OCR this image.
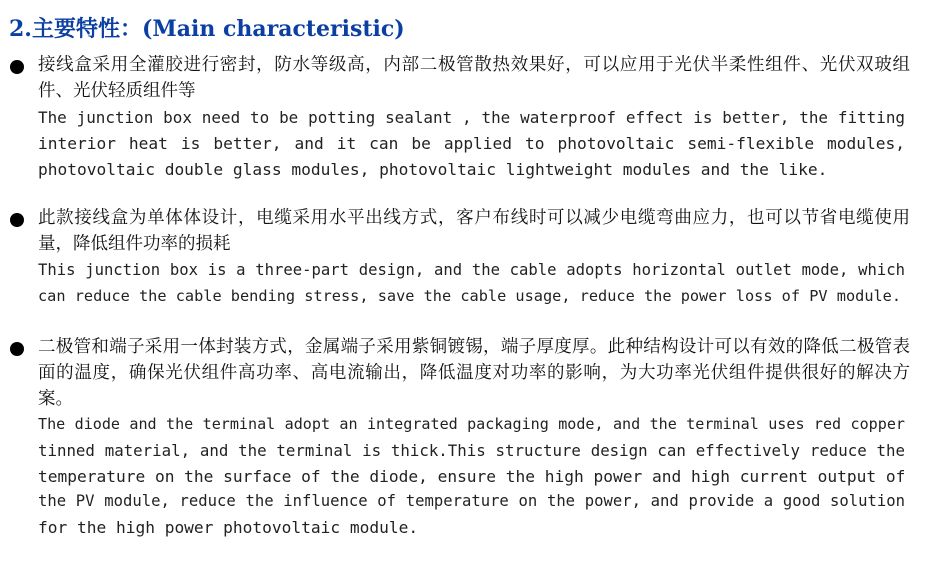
2.主要特性：(Main characteristic)
接线盒采用全灌胶进行密封，防水等级高，内部二极管散热效果好，可以应用于光伏半柔性组件、光伏双玻组件、光伏轻质组件等
The junction box need to be potting sealant , the waterproof effect is better, the fitting
interior heat is better, and it can be applied to photovoltaic semi-flexible modules,
photovoltaic double glass modules, photovoltaic lightweight modules and the like.
此款接线盒为单体体设计，电缆采用水平出线方式，客户布线时可以减少电缆弯曲应力，也可以节省电缆使用量，降低组件功率的损耗
This junction box is a three-part design, and the cable adopts horizontal outlet mode, which
can reduce the cable bending stress, save the cable usage, reduce the power loss of PV module.
二极管和端子采用一体封装方式，金属端子采用紫铜镀锡，端子厚度厚。此种结构设计可以有效的降低二极管表面的温度，确保光伏组件高功率、高电流输出，降低温度对功率的影响，为大功率光伏组件提供很好的解决方案。
The diode and the terminal adopt an integrated packaging mode, and the terminal uses red copper
tinned material, and the terminal is thick.This structure design can effectively reduce the
temperature on the surface of the diode, ensure the high power and high current output of
the PV module, reduce the influence of temperature on the power, and provide a good solution
for the high power photovoltaic module.
